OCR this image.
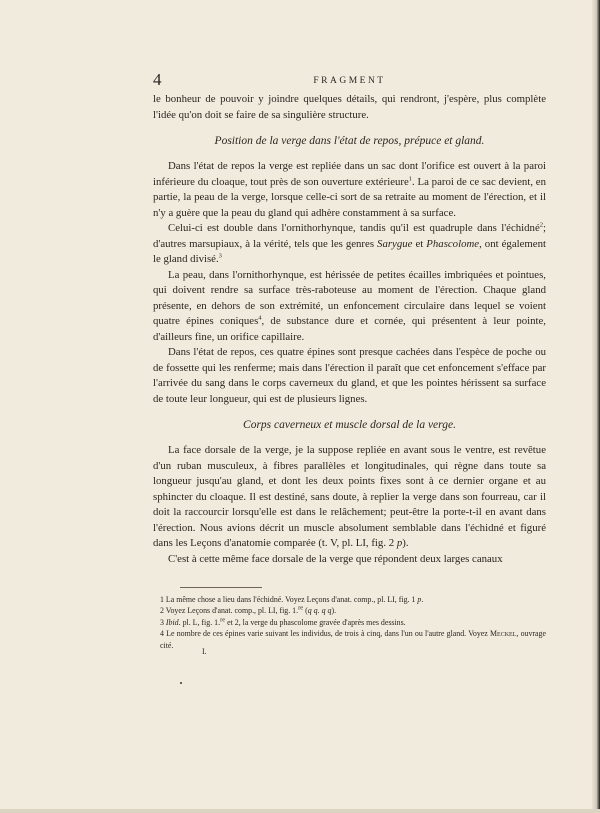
4	FRAGMENT

le bonheur de pouvoir y joindre quelques détails, qui rendront, j'espère, plus complète l'idée qu'on doit se faire de sa singulière structure.

Position de la verge dans l'état de repos, prépuce et gland.

Dans l'état de repos la verge est repliée dans un sac dont l'orifice est ouvert à la paroi inférieure du cloaque, tout près de son ouverture extérieure$^1$. La paroi de ce sac devient, en partie, la peau de la verge, lorsque celle-ci sort de sa retraite au moment de l'érection, et il n'y a guère que la peau du gland qui adhère constamment à sa surface.

Celui-ci est double dans l'ornithorhynque, tandis qu'il est quadruple dans l'échidné$^2$; d'autres marsupiaux, à la vérité, tels que les genres Sarygue et Phascolome, ont également le gland divisé.$^3$

La peau, dans l'ornithorhynque, est hérissée de petites écailles imbriquées et pointues, qui doivent rendre sa surface très-raboteuse au moment de l'érection. Chaque gland présente, en dehors de son extrémité, un enfoncement circulaire dans lequel se voient quatre épines coniques$^4$, de substance dure et cornée, qui présentent à leur pointe, d'ailleurs fine, un orifice capillaire.

Dans l'état de repos, ces quatre épines sont presque cachées dans l'espèce de poche ou de fossette qui les renferme; mais dans l'érection il paraît que cet enfoncement s'efface par l'arrivée du sang dans le corps caverneux du gland, et que les pointes hérissent sa surface de toute leur longueur, qui est de plusieurs lignes.

Corps caverneux et muscle dorsal de la verge.

La face dorsale de la verge, je la suppose repliée en avant sous le ventre, est revêtue d'un ruban musculeux, à fibres parallèles et longitudinales, qui règne dans toute sa longueur jusqu'au gland, et dont les deux points fixes sont à ce dernier organe et au sphincter du cloaque. Il est destiné, sans doute, à replier la verge dans son fourreau, car il doit la raccourcir lorsqu'elle est dans le relâchement; peut-être la porte-t-il en avant dans l'érection. Nous avions décrit un muscle absolument semblable dans l'échidné et figuré dans les Leçons d'anatomie comparée (t. V, pl. LI, fig. 2 p).

C'est à cette même face dorsale de la verge que répondent deux larges canaux

1 La même chose a lieu dans l'échidné. Voyez Leçons d'anat. comp., pl. LI, fig. 1 p.

2 Voyez Leçons d'anat. comp., pl. LI, fig. 1.$^{re}$ (q q. q q).

3 Ibid. pl. L, fig. 1.$^{re}$ et 2, la verge du phascolome gravée d'après mes dessins.

4 Le nombre de ces épines varie suivant les individus, de trois à cinq, dans l'un ou l'autre gland. Voyez Meckel, ouvrage cité.

I.
